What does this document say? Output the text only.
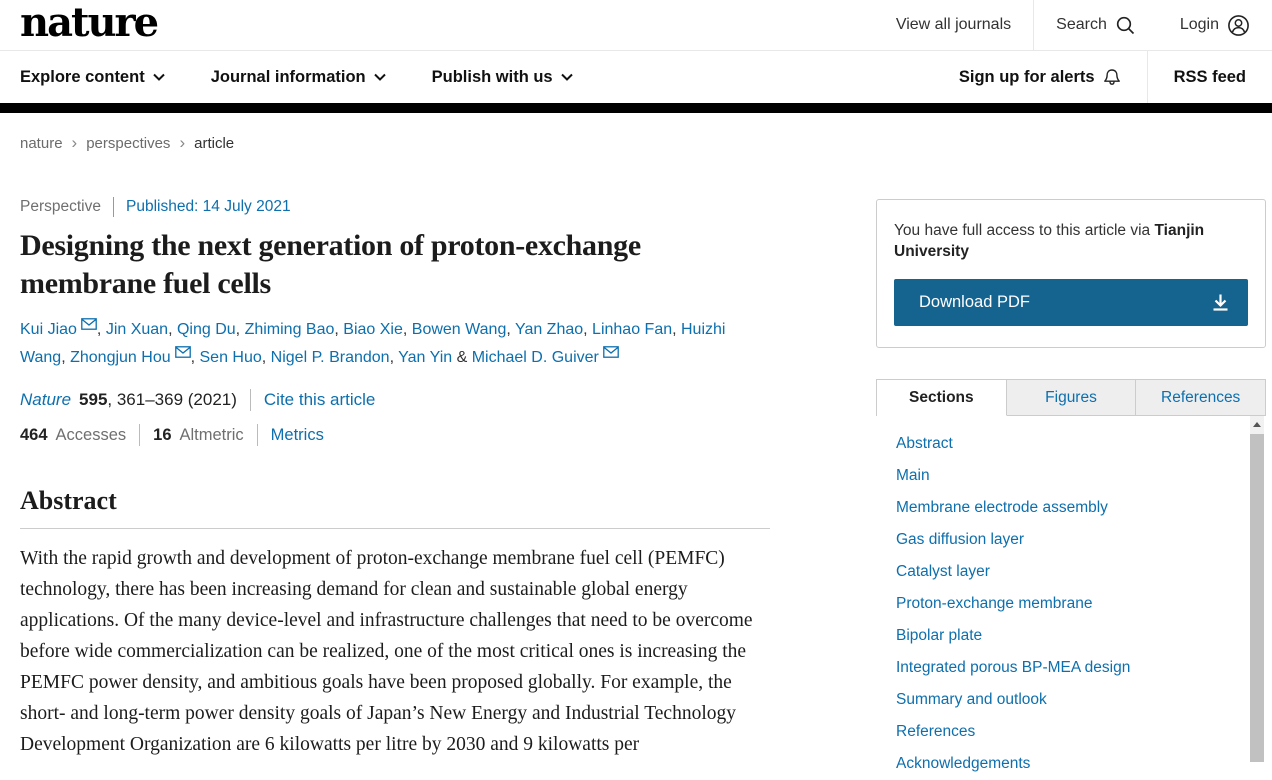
nature	View all journals	Search	Login
Explore content	Journal information	Publish with us	Sign up for alerts	RSS feed
nature › perspectives › article
Perspective Published: 14 July 2021
Designing the next generation of proton-exchange membrane fuel cells
Kui Jiao , Jin Xuan, Qing Du, Zhiming Bao, Biao Xie, Bowen Wang, Yan Zhao, Linhao Fan, Huizhi Wang, Zhongjun Hou , Sen Huo, Nigel P. Brandon, Yan Yin & Michael D. Guiver
Nature 595 , 361–369 (2021) Cite this article
464 Accesses 16 Altmetric Metrics
Abstract

With the rapid growth and development of proton-exchange membrane fuel cell (PEMFC) technology, there has been increasing demand for clean and sustainable global energy applications. Of the many device-level and infrastructure challenges that need to be overcome before wide commercialization can be realized, one of the most critical ones is increasing the PEMFC power density, and ambitious goals have been proposed globally. For example, the short- and long-term power density goals of Japan’s New Energy and Industrial Technology Development Organization are 6 kilowatts per litre by 2030 and 9 kilowatts per

You have full access to this article via Tianjin University
Download PDF
Sections	Figures	References
Abstract
Main
Membrane electrode assembly
Gas diffusion layer
Catalyst layer
Proton-exchange membrane
Bipolar plate
Integrated porous BP-MEA design
Summary and outlook
References
Acknowledgements
